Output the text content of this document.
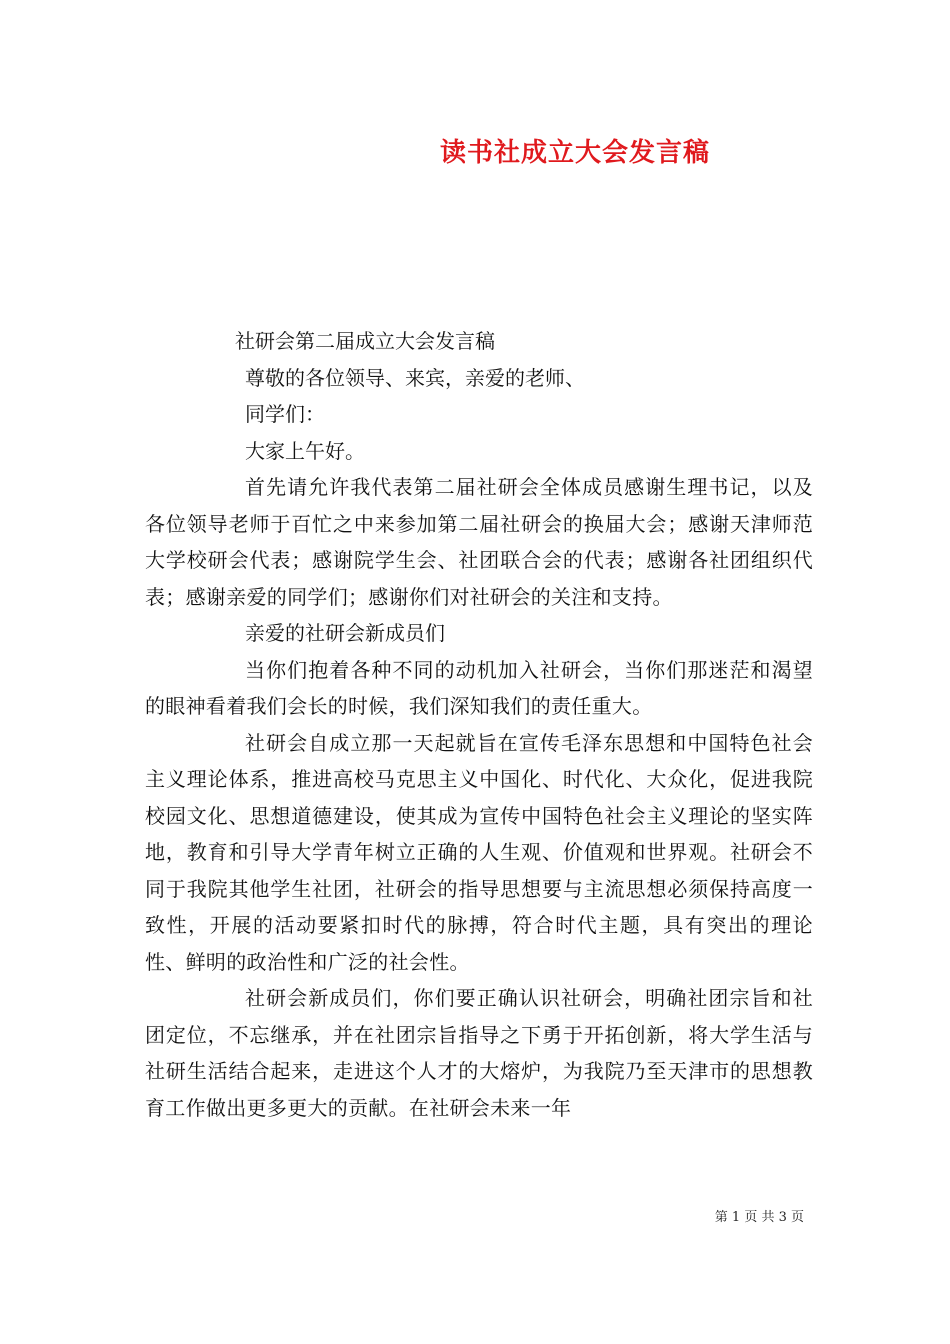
读书社成立大会发言稿
社研会第二届成立大会发言稿
尊敬的各位领导、来宾，亲爱的老师、
同学们：
大家上午好。
首先请允许我代表第二届社研会全体成员感谢生理书记，以及各位领导老师于百忙之中来参加第二届社研会的换届大会；感谢天津师范大学校研会代表；感谢院学生会、社团联合会的代表；感谢各社团组织代表；感谢亲爱的同学们；感谢你们对社研会的关注和支持。
亲爱的社研会新成员们
当你们抱着各种不同的动机加入社研会，当你们那迷茫和渴望的眼神看着我们会长的时候，我们深知我们的责任重大。
社研会自成立那一天起就旨在宣传毛泽东思想和中国特色社会主义理论体系，推进高校马克思主义中国化、时代化、大众化，促进我院校园文化、思想道德建设，使其成为宣传中国特色社会主义理论的坚实阵地，教育和引导大学青年树立正确的人生观、价值观和世界观。社研会不同于我院其他学生社团，社研会的指导思想要与主流思想必须保持高度一致性，开展的活动要紧扣时代的脉搏，符合时代主题，具有突出的理论性、鲜明的政治性和广泛的社会性。
社研会新成员们，你们要正确认识社研会，明确社团宗旨和社团定位，不忘继承，并在社团宗旨指导之下勇于开拓创新，将大学生活与社研生活结合起来，走进这个人才的大熔炉，为我院乃至天津市的思想教育工作做出更多更大的贡献。在社研会未来一年
第 1 页 共 3 页
